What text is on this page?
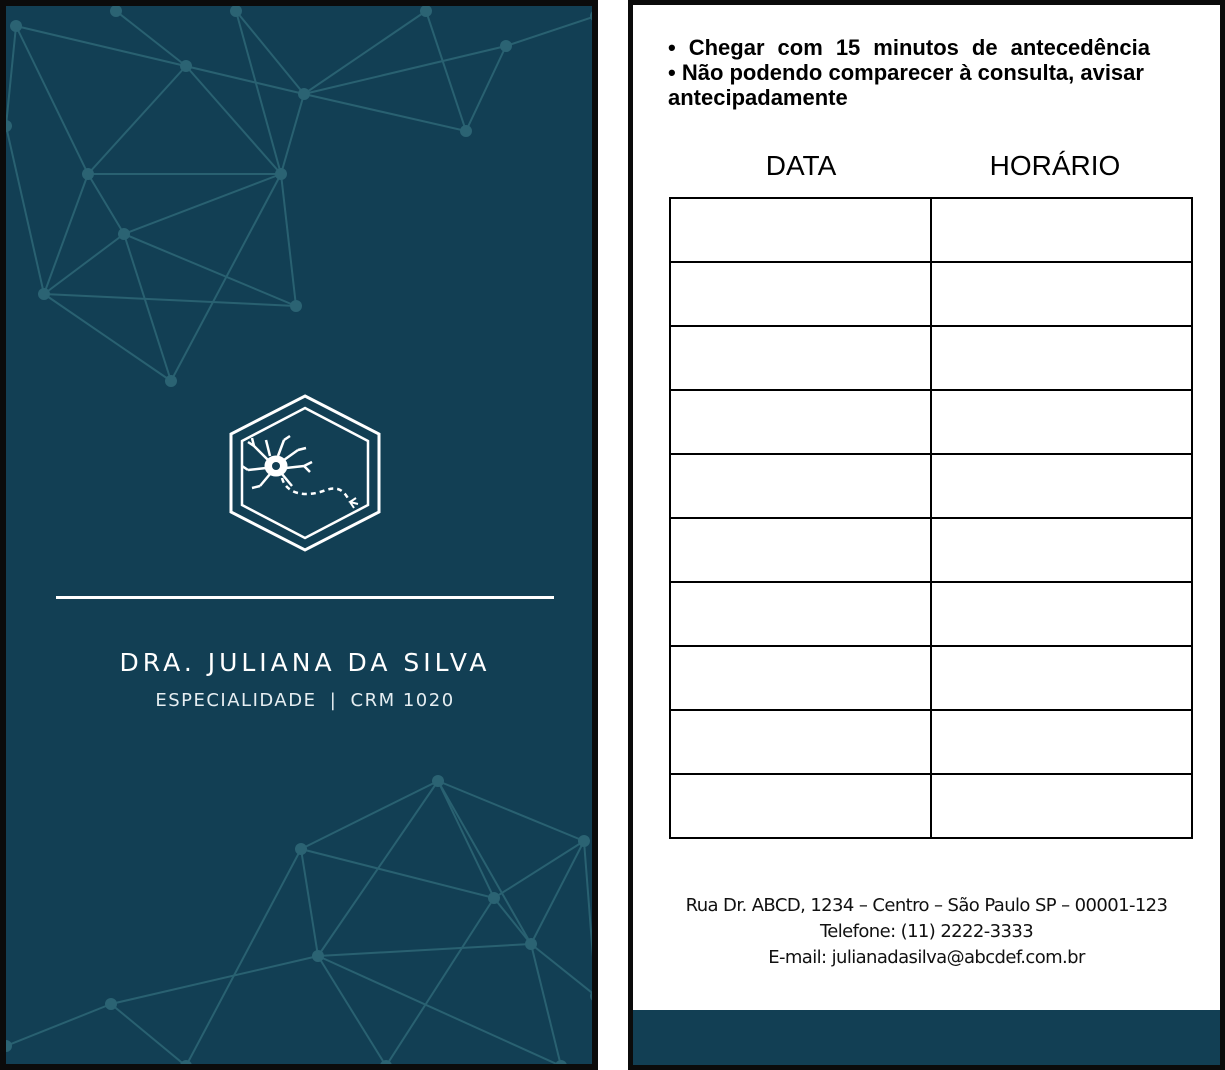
DRA. JULIANA DA SILVA
ESPECIALIDADE | CRM 1020
• Chegar com 15 minutos de antecedência
• Não podendo comparecer à consulta, avisar antecipadamente
DATA	HORÁRIO

Rua Dr. ABCD, 1234 – Centro – São Paulo SP – 00001-123
Telefone: (11) 2222-3333
E-mail: julianadasilva@abcdef.com.br
